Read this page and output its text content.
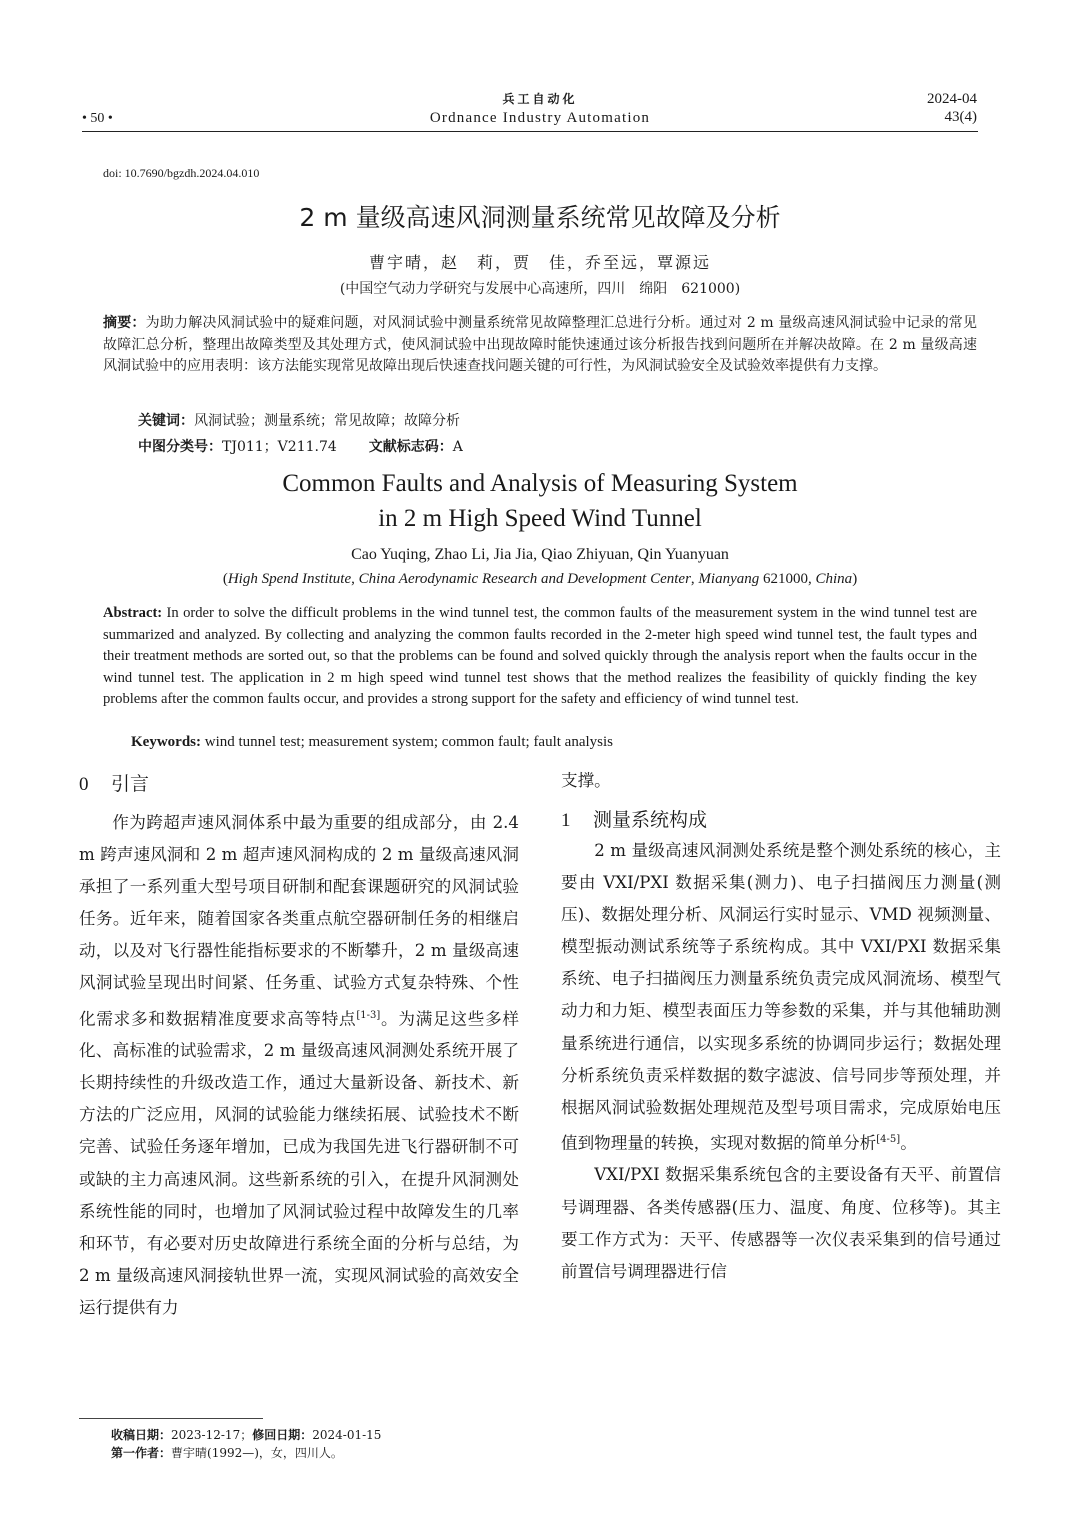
兵工自动化
• 50 •	Ordnance Industry Automation
2024-04
43(4)
doi: 10.7690/bgzdh.2024.04.010
2 m 量级高速风洞测量系统常见故障及分析
曹宇晴，赵　莉，贾　佳，乔至远，覃源远
(中国空气动力学研究与发展中心高速所，四川　绵阳　621000)
摘要：为助力解决风洞试验中的疑难问题，对风洞试验中测量系统常见故障整理汇总进行分析。通过对 2 m 量级高速风洞试验中记录的常见故障汇总分析，整理出故障类型及其处理方式，使风洞试验中出现故障时能快速通过该分析报告找到问题所在并解决故障。在 2 m 量级高速风洞试验中的应用表明：该方法能实现常见故障出现后快速查找问题关键的可行性，为风洞试验安全及试验效率提供有力支撑。
关键词：风洞试验；测量系统；常见故障；故障分析
中图分类号：TJ011；V211.74 文献标志码：A
Common Faults and Analysis of Measuring System
in 2 m High Speed Wind Tunnel
Cao Yuqing, Zhao Li, Jia Jia, Qiao Zhiyuan, Qin Yuanyuan
(High Spend Institute, China Aerodynamic Research and Development Center, Mianyang 621000, China)
Abstract: In order to solve the difficult problems in the wind tunnel test, the common faults of the measurement system in the wind tunnel test are summarized and analyzed. By collecting and analyzing the common faults recorded in the 2-meter high speed wind tunnel test, the fault types and their treatment methods are sorted out, so that the problems can be found and solved quickly through the analysis report when the faults occur in the wind tunnel test. The application in 2 m high speed wind tunnel test shows that the method realizes the feasibility of quickly finding the key problems after the common faults occur, and provides a strong support for the safety and efficiency of wind tunnel test.
Keywords: wind tunnel test; measurement system; common fault; fault analysis
0 引言

作为跨超声速风洞体系中最为重要的组成部分，由 2.4 m 跨声速风洞和 2 m 超声速风洞构成的 2 m 量级高速风洞承担了一系列重大型号项目研制和配套课题研究的风洞试验任务。近年来，随着国家各类重点航空器研制任务的相继启动，以及对飞行器性能指标要求的不断攀升，2 m 量级高速风洞试验呈现出时间紧、任务重、试验方式复杂特殊、个性化需求多和数据精准度要求高等特点[1-3]。为满足这些多样化、高标准的试验需求，2 m 量级高速风洞测处系统开展了长期持续性的升级改造工作，通过大量新设备、新技术、新方法的广泛应用，风洞的试验能力继续拓展、试验技术不断完善、试验任务逐年增加，已成为我国先进飞行器研制不可或缺的主力高速风洞。这些新系统的引入，在提升风洞测处系统性能的同时，也增加了风洞试验过程中故障发生的几率和环节，有必要对历史故障进行系统全面的分析与总结，为 2 m 量级高速风洞接轨世界一流，实现风洞试验的高效安全运行提供有力

支撑。
1 测量系统构成

2 m 量级高速风洞测处系统是整个测处系统的核心，主要由 VXI/PXI 数据采集(测力)、电子扫描阀压力测量(测压)、数据处理分析、风洞运行实时显示、VMD 视频测量、模型振动测试系统等子系统构成。其中 VXI/PXI 数据采集系统、电子扫描阀压力测量系统负责完成风洞流场、模型气动力和力矩、模型表面压力等参数的采集，并与其他辅助测量系统进行通信，以实现多系统的协调同步运行；数据处理分析系统负责采样数据的数字滤波、信号同步等预处理，并根据风洞试验数据处理规范及型号项目需求，完成原始电压值到物理量的转换，实现对数据的简单分析[4-5]。

VXI/PXI 数据采集系统包含的主要设备有天平、前置信号调理器、各类传感器(压力、温度、角度、位移等)。其主要工作方式为：天平、传感器等一次仪表采集到的信号通过前置信号调理器进行信

收稿日期：2023-12-17；修回日期：2024-01-15
第一作者：曹宇晴(1992—)，女，四川人。
